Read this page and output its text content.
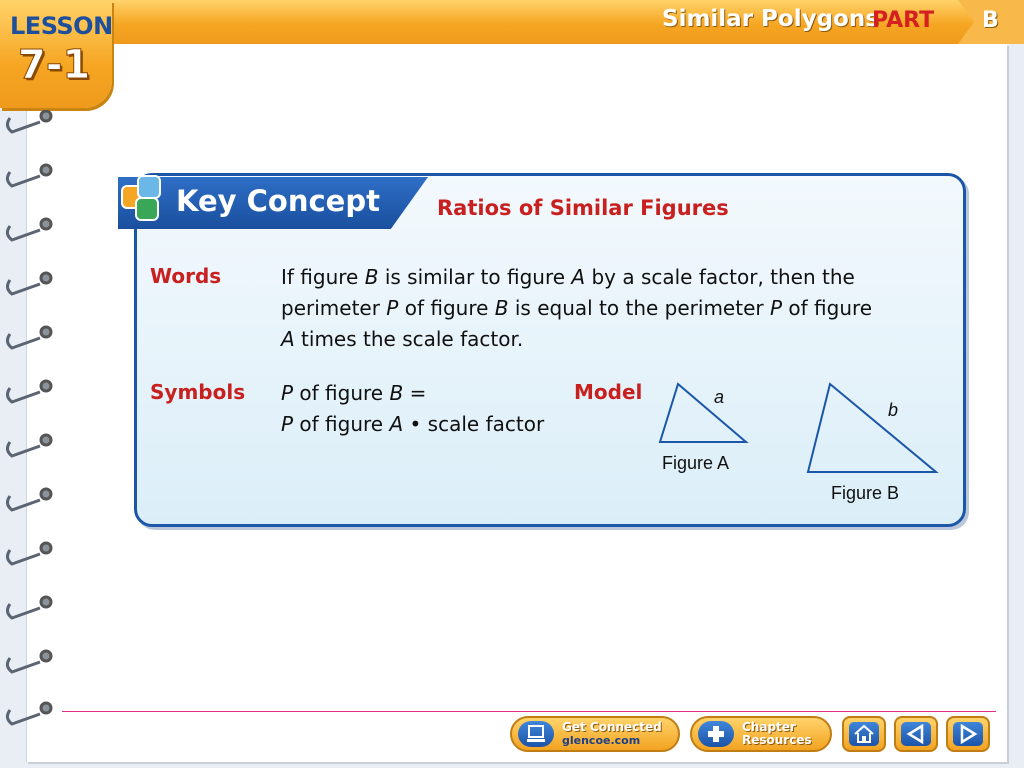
LESSON
7-1
Similar Polygons
PART B
Key Concept	Ratios of Similar Figures
Words	If figure B is similar to figure A by a scale factor, then the
perimeter P of figure B is equal to the perimeter P of figure
A times the scale factor.
Symbols P of figure B =
P of figure A • scale factor
Model	a
b
Figure A
Figure B
Get Connected
glencoe.com
Chapter
Resources
